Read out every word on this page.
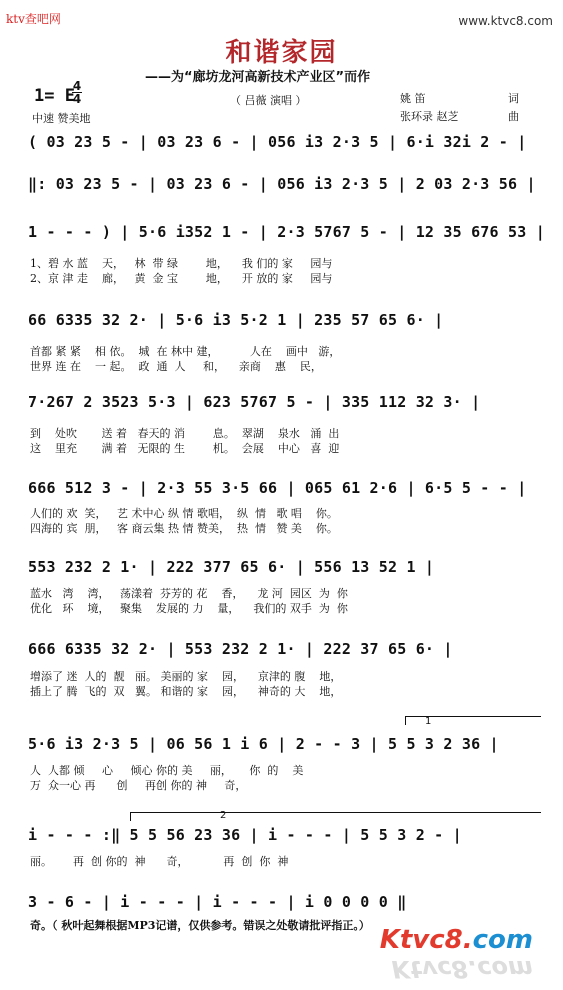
ktv查吧网	www.ktvc8.com
和谐家园
——为“廊坊龙河高新技术产业区”而作
（ 吕薇 演唱 ）
1= E
4
4
中速 赞美地
姚 笛	词
张环录 赵芝	曲
( 03 23 5 - | 03 23 6 - | 056 i3 2·3 5 | 6·i 32i 2 - |
‖: 03 23 5 - | 03 23 6 - | 056 i3 2·3 5 | 2 03 2·3 56 |
1 - - - ) | 5·6 i352 1 - | 2·3 5767 5 - | 12 35 676 53 |
1、碧 水 蓝    天，   林  带 绿        地，    我 们的 家     园与
2、京 津 走    廊，   黄  金 宝        地，    开 放的 家     园与
66 6335 32 2· | 5·6 i3 5·2 1 | 235 57 65 6· |
首都 紧 紧    相 依。  城  在 林中 建，         人在    画中   游，
世界 连 在    一 起。  政  通  人     和，    亲商    惠    民，
7·267 2 3523 5·3 | 623 5767 5 - | 335 112 32 3· |
到    处吹       送 着   春天的 消        息。  翠湖    泉水   涌  出
这    里充       满 着   无限的 生        机。  会展    中心   喜  迎
666 512 3 - | 2·3 55 3·5 66 | 065 61 2·6 | 6·5 5 - - |
人们的 欢  笑，   艺 术中心 纵 情 歌唱，  纵  情   歌 唱    你。
四海的 宾  朋，   客 商云集 热 情 赞美，  热  情   赞 美    你。
553 232 2 1· | 222 377 65 6· | 556 13 52 1 |
蓝水   湾    湾，   荡漾着  芬芳的 花    香，    龙 河  园区  为  你
优化   环    境，   聚集    发展的 力    量，    我们的 双手  为  你
666 6335 32 2· | 553 232 2 1· | 222 37 65 6· |
增添了 迷  人的  靓   丽。 美丽的 家    园，    京津的 腹    地，
插上了 腾  飞的  双   翼。 和谐的 家    园，    神奇的 大    地，
1
5·6 i3 2·3 5 | 06 56 1 i 6 | 2 - - 3 | 5 5 3 2 36 |
人  人都 倾     心     倾心 你的 美     丽，     你  的    美
万  众一心 再      创     再创 你的 神     奇，
2
i - - - :‖ 5 5 56 23 36 | i - - - | 5 5 3 2 - |
丽。      再  创 你的  神      奇，          再  创  你  神
3 - 6 - | i - - - | i - - - | i 0 0 0 0 ‖
奇。（ 秋叶起舞根据MP3记谱，仅供参考。错误之处敬请批评指正。） Ktvc8.com
Ktvc8.com
